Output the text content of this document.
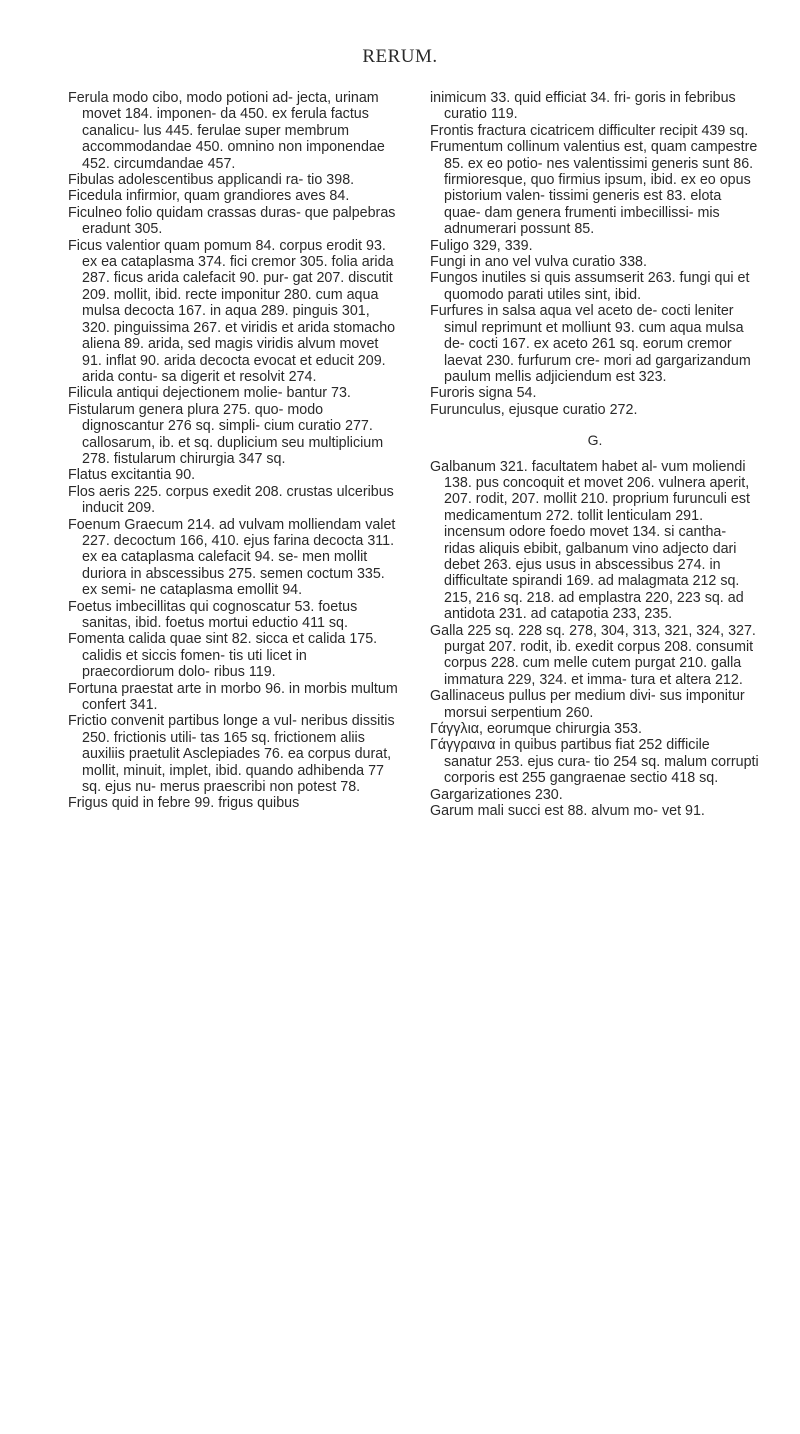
RERUM.
Ferula modo cibo, modo potioni ad- jecta, urinam movet 184. imponen- da 450. ex ferula factus canalicu- lus 445. ferulae super membrum accommodandae 450. omnino non imponendae 452. circumdandae 457.
Fibulas adolescentibus applicandi ra- tio 398.
Ficedula infirmior, quam grandiores aves 84.
Ficulneo folio quidam crassas duras- que palpebras eradunt 305.
Ficus valentior quam pomum 84. corpus erodit 93. ex ea cataplasma 374. fici cremor 305. folia arida 287. ficus arida calefacit 90. pur- gat 207. discutit 209. mollit, ibid. recte imponitur 280. cum aqua mulsa decocta 167. in aqua 289. pinguis 301, 320. pinguissima 267. et viridis et arida stomacho aliena 89. arida, sed magis viridis alvum movet 91. inflat 90. arida decocta evocat et educit 209. arida contu- sa digerit et resolvit 274.
Filicula antiqui dejectionem molie- bantur 73.
Fistularum genera plura 275. quo- modo dignoscantur 276 sq. simpli- cium curatio 277. callosarum, ib. et sq. duplicium seu multiplicium 278. fistularum chirurgia 347 sq.
Flatus excitantia 90.
Flos aeris 225. corpus exedit 208. crustas ulceribus inducit 209.
Foenum Graecum 214. ad vulvam molliendam valet 227. decoctum 166, 410. ejus farina decocta 311. ex ea cataplasma calefacit 94. se- men mollit duriora in abscessibus 275. semen coctum 335. ex semi- ne cataplasma emollit 94.
Foetus imbecillitas qui cognoscatur 53. foetus sanitas, ibid. foetus mortui eductio 411 sq.
Fomenta calida quae sint 82. sicca et calida 175. calidis et siccis fomen- tis uti licet in praecordiorum dolo- ribus 119.
Fortuna praestat arte in morbo 96. in morbis multum confert 341.
Frictio convenit partibus longe a vul- neribus dissitis 250. frictionis utili- tas 165 sq. frictionem aliis auxiliis praetulit Asclepiades 76. ea corpus durat, mollit, minuit, implet, ibid. quando adhibenda 77 sq. ejus nu- merus praescribi non potest 78.
Frigus quid in febre 99. frigus quibus
inimicum 33. quid efficiat 34. fri- goris in febribus curatio 119.
Frontis fractura cicatricem difficulter recipit 439 sq.
Frumentum collinum valentius est, quam campestre 85. ex eo potio- nes valentissimi generis sunt 86. firmioresque, quo firmius ipsum, ibid. ex eo opus pistorium valen- tissimi generis est 83. elota quae- dam genera frumenti imbecillissi- mis adnumerari possunt 85.
Fuligo 329, 339.
Fungi in ano vel vulva curatio 338.
Fungos inutiles si quis assumserit 263. fungi qui et quomodo parati utiles sint, ibid.
Furfures in salsa aqua vel aceto de- cocti leniter simul reprimunt et molliunt 93. cum aqua mulsa de- cocti 167. ex aceto 261 sq. eorum cremor laevat 230. furfurum cre- mori ad gargarizandum paulum mellis adjiciendum est 323.
Furoris signa 54.
Furunculus, ejusque curatio 272.
G.
Galbanum 321. facultatem habet al- vum moliendi 138. pus concoquit et movet 206. vulnera aperit, 207. rodit, 207. mollit 210. proprium furunculi est medicamentum 272. tollit lenticulam 291. incensum odore foedo movet 134. si cantha- ridas aliquis ebibit, galbanum vino adjecto dari debet 263. ejus usus in abscessibus 274. in difficultate spirandi 169. ad malagmata 212 sq. 215, 216 sq. 218. ad emplastra 220, 223 sq. ad antidota 231. ad catapotia 233, 235.
Galla 225 sq. 228 sq. 278, 304, 313, 321, 324, 327. purgat 207. rodit, ib. exedit corpus 208. consumit corpus 228. cum melle cutem purgat 210. galla immatura 229, 324. et imma- tura et altera 212.
Gallinaceus pullus per medium divi- sus imponitur morsui serpentium 260.
Γάγγλια, eorumque chirurgia 353.
Γάγγραινα in quibus partibus fiat 252 difficile sanatur 253. ejus cura- tio 254 sq. malum corrupti corporis est 255 gangraenae sectio 418 sq.
Gargarizationes 230.
Garum mali succi est 88. alvum mo- vet 91.
